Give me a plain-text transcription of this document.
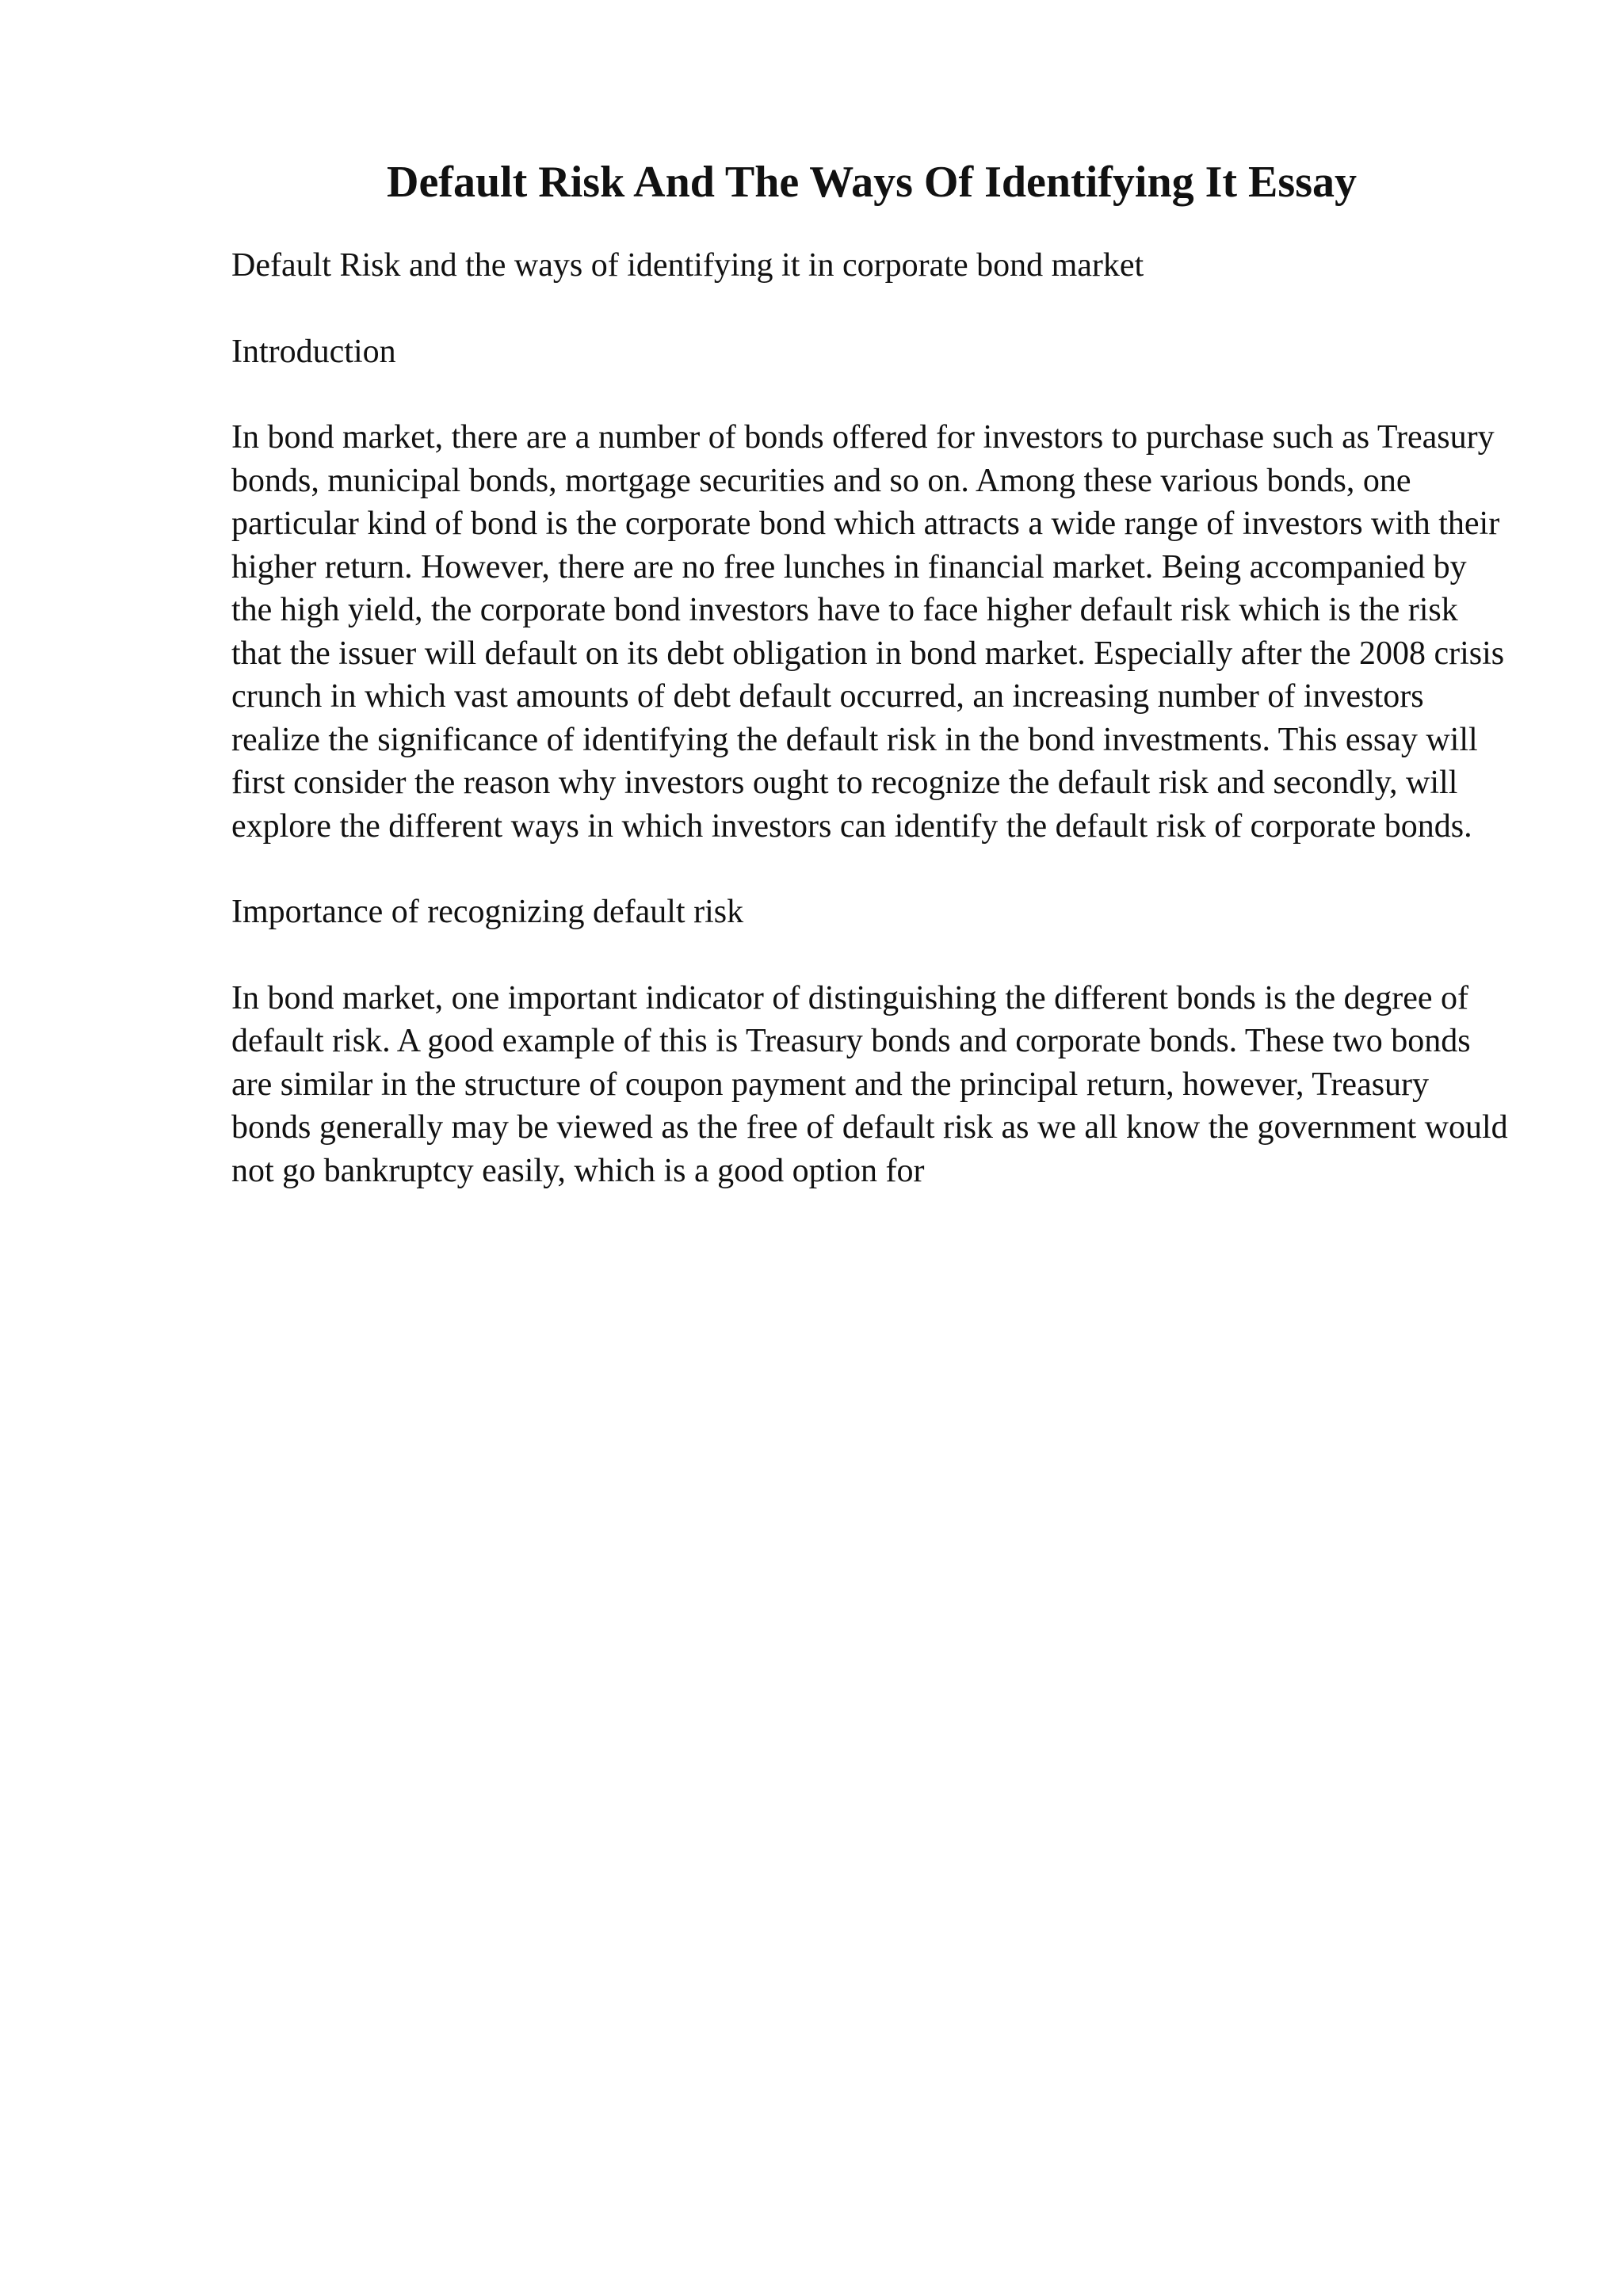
Default Risk And The Ways Of Identifying It Essay

Default Risk and the ways of identifying it in corporate bond market

Introduction

In bond market, there are a number of bonds offered for investors to purchase such as Treasury bonds, municipal bonds, mortgage securities and so on. Among these various bonds, one particular kind of bond is the corporate bond which attracts a wide range of investors with their higher return. However, there are no free lunches in financial market. Being accompanied by the high yield, the corporate bond investors have to face higher default risk which is the risk that the issuer will default on its debt obligation in bond market. Especially after the 2008 crisis crunch in which vast amounts of debt default occurred, an increasing number of investors realize the significance of identifying the default risk in the bond investments. This essay will first consider the reason why investors ought to recognize the default risk and secondly, will explore the different ways in which investors can identify the default risk of corporate bonds.

Importance of recognizing default risk

In bond market, one important indicator of distinguishing the different bonds is the degree of default risk. A good example of this is Treasury bonds and corporate bonds. These two bonds are similar in the structure of coupon payment and the principal return, however, Treasury bonds generally may be viewed as the free of default risk as we all know the government would not go bankruptcy easily, which is a good option for
